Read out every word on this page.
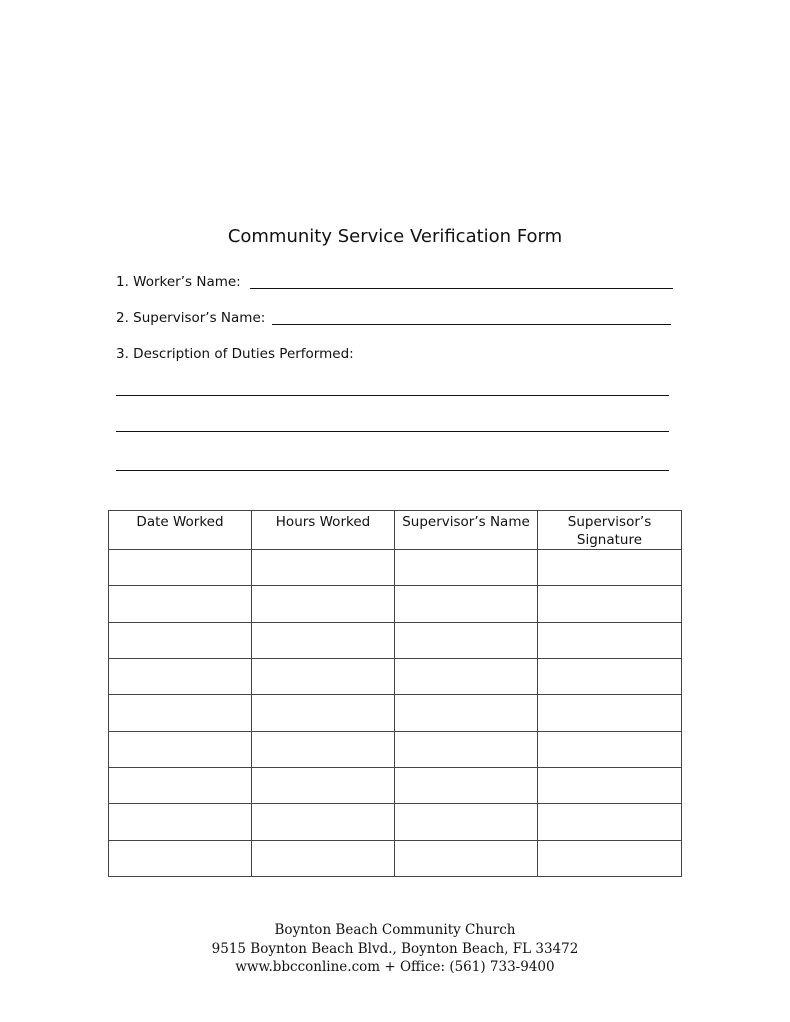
Community Service Verification Form
1. Worker’s Name:
2. Supervisor’s Name:
3. Description of Duties Performed:
Date Worked	Hours Worked	Supervisor’s Name	Supervisor’s Signature

Boynton Beach Community Church
9515 Boynton Beach Blvd., Boynton Beach, FL 33472
www.bbcconline.com + Office: (561) 733-9400
